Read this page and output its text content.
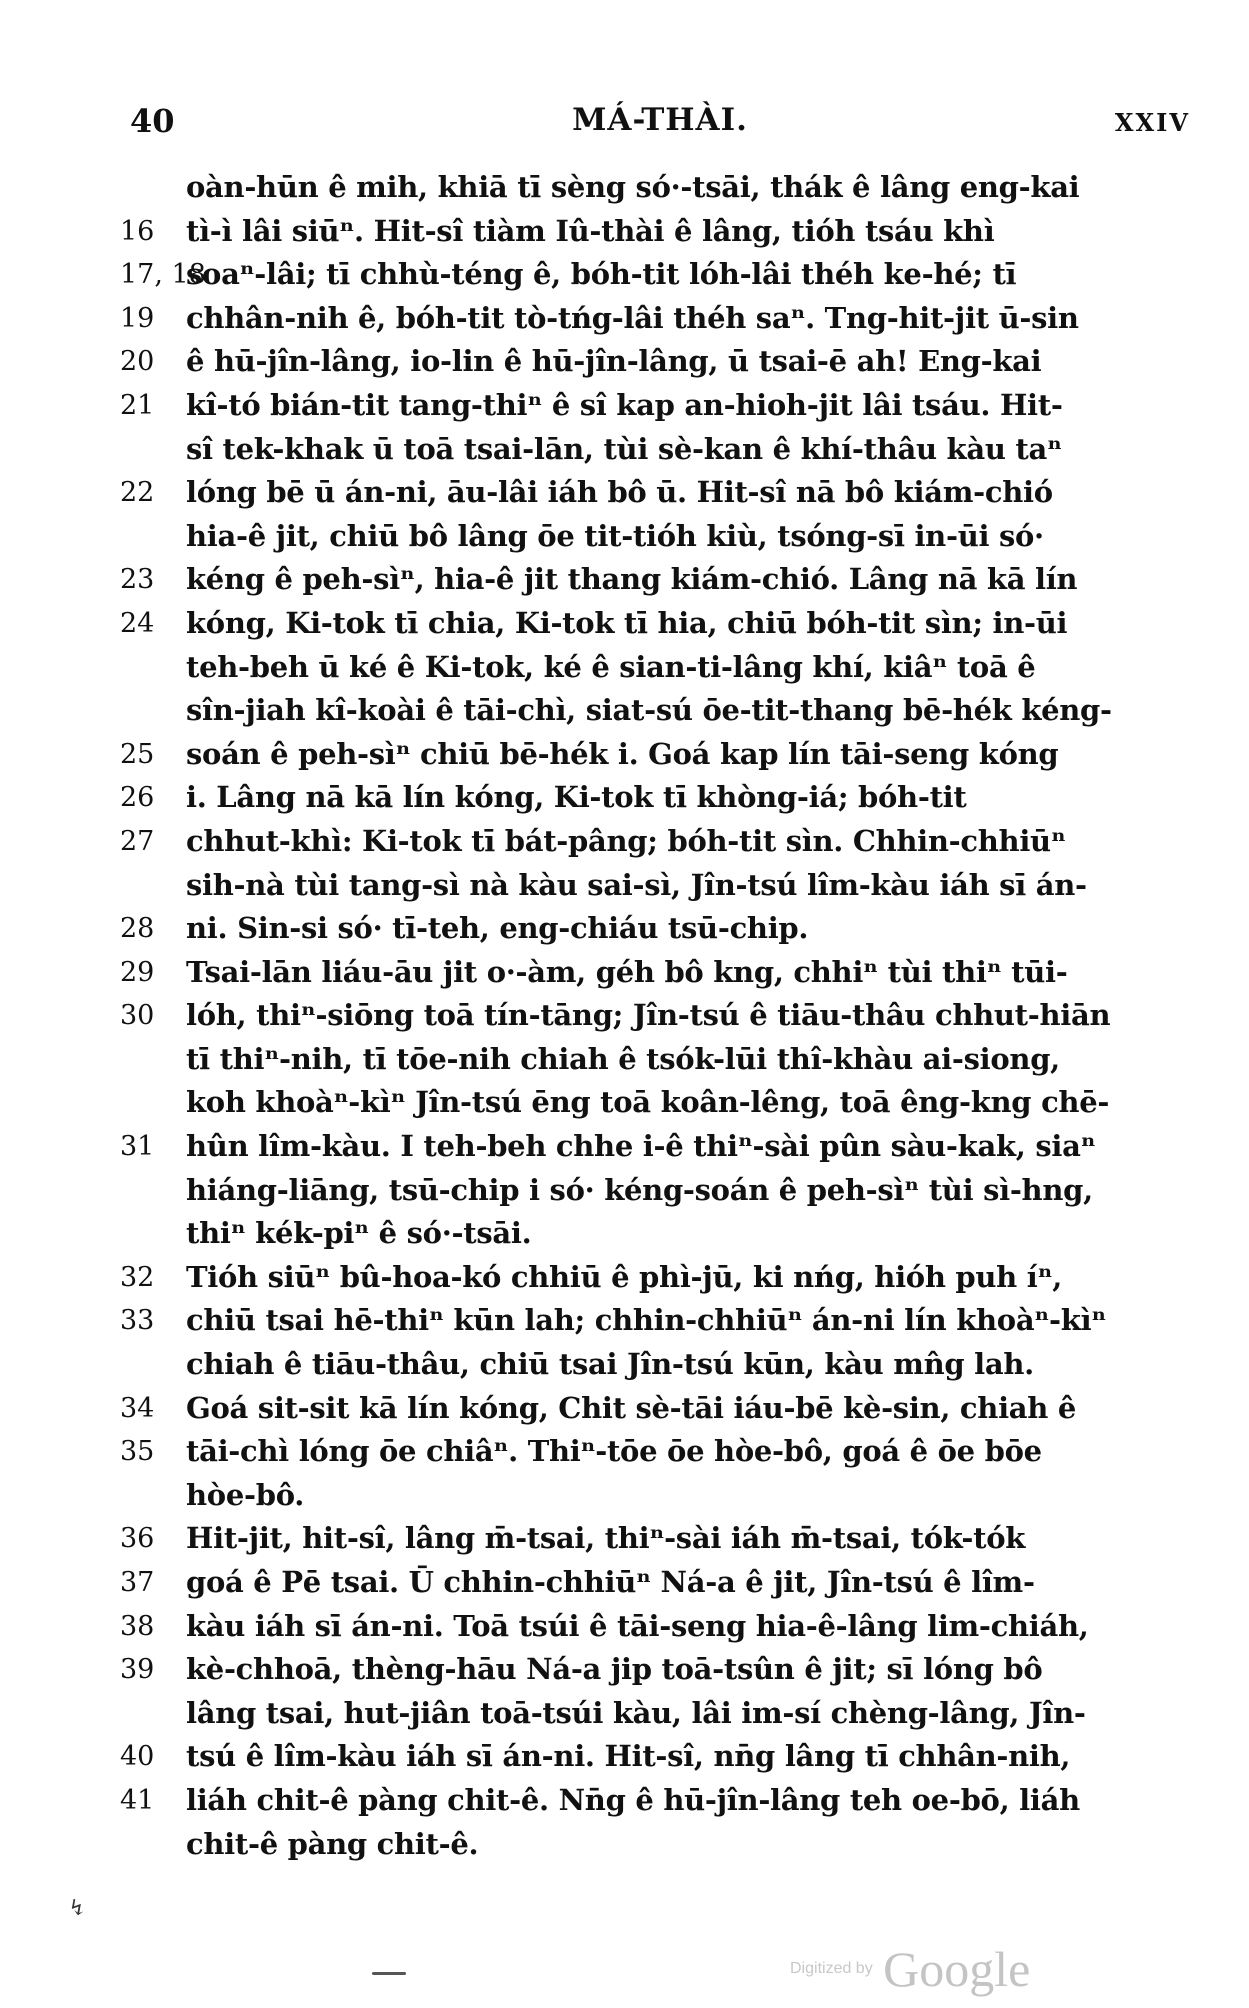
40	MÁ-THÀI.	XXIV
oàn-hūn ê mih, khiā tī sèng só·-tsāi, thák ê lâng eng-kai
16	tì-ì lâi siūⁿ. Hit-sî tiàm Iû-thài ê lâng, tióh tsáu khì
17, 18
soaⁿ-lâi; tī chhù-téng ê, bóh-tit lóh-lâi théh ke-hé; tī
19	chhân-nih ê, bóh-tit tò-tńg-lâi théh saⁿ. Tng-hit-jit ū-sin
20	ê hū-jîn-lâng, io-lin ê hū-jîn-lâng, ū tsai-ē ah! Eng-kai
21	kî-tó bián-tit tang-thiⁿ ê sî kap an-hioh-jit lâi tsáu. Hit-
sî tek-khak ū toā tsai-lān, tùi sè-kan ê khí-thâu kàu taⁿ
22	lóng bē ū án-ni, āu-lâi iáh bô ū. Hit-sî nā bô kiám-chió
hia-ê jit, chiū bô lâng ōe tit-tióh kiù, tsóng-sī in-ūi só·
23	kéng ê peh-sìⁿ, hia-ê jit thang kiám-chió. Lâng nā kā lín
24	kóng, Ki-tok tī chia, Ki-tok tī hia, chiū bóh-tit sìn; in-ūi
teh-beh ū ké ê Ki-tok, ké ê sian-ti-lâng khí, kiâⁿ toā ê
sîn-jiah kî-koài ê tāi-chì, siat-sú ōe-tit-thang bē-hék kéng-
25	soán ê peh-sìⁿ chiū bē-hék i. Goá kap lín tāi-seng kóng
26	i. Lâng nā kā lín kóng, Ki-tok tī khòng-iá; bóh-tit
27	chhut-khì: Ki-tok tī bát-pâng; bóh-tit sìn. Chhin-chhiūⁿ
sih-nà tùi tang-sì nà kàu sai-sì, Jîn-tsú lîm-kàu iáh sī án-
28	ni. Sin-si só· tī-teh, eng-chiáu tsū-chip.
29	Tsai-lān liáu-āu jit o·-àm, géh bô kng, chhiⁿ tùi thiⁿ tūi-
30	lóh, thiⁿ-siōng toā tín-tāng; Jîn-tsú ê tiāu-thâu chhut-hiān
tī thiⁿ-nih, tī tōe-nih chiah ê tsók-lūi thî-khàu ai-siong,
koh khoàⁿ-kìⁿ Jîn-tsú ēng toā koân-lêng, toā êng-kng chē-
31	hûn lîm-kàu. I teh-beh chhe i-ê thiⁿ-sài pûn sàu-kak, siaⁿ
hiáng-liāng, tsū-chip i só· kéng-soán ê peh-sìⁿ tùi sì-hng,
thiⁿ kék-piⁿ ê só·-tsāi.
32	Tióh siūⁿ bû-hoa-kó chhiū ê phì-jū, ki nńg, hióh puh íⁿ,
33	chiū tsai hē-thiⁿ kūn lah; chhin-chhiūⁿ án-ni lín khoàⁿ-kìⁿ
chiah ê tiāu-thâu, chiū tsai Jîn-tsú kūn, kàu mn̂g lah.
34	Goá sit-sit kā lín kóng, Chit sè-tāi iáu-bē kè-sin, chiah ê
35	tāi-chì lóng ōe chiâⁿ. Thiⁿ-tōe ōe hòe-bô, goá ê ōe bōe
hòe-bô.
36	Hit-jit, hit-sî, lâng m̄-tsai, thiⁿ-sài iáh m̄-tsai, tók-tók
37	goá ê Pē tsai. Ū chhin-chhiūⁿ Ná-a ê jit, Jîn-tsú ê lîm-
38	kàu iáh sī án-ni. Toā tsúi ê tāi-seng hia-ê-lâng lim-chiáh,
39	kè-chhoā, thèng-hāu Ná-a jip toā-tsûn ê jit; sī lóng bô
lâng tsai, hut-jiân toā-tsúi kàu, lâi im-sí chèng-lâng, Jîn-
40	tsú ê lîm-kàu iáh sī án-ni. Hit-sî, nn̄g lâng tī chhân-nih,
41	liáh chit-ê pàng chit-ê. Nn̄g ê hū-jîn-lâng teh oe-bō, liáh
chit-ê pàng chit-ê.
↯
Digitized by Google
